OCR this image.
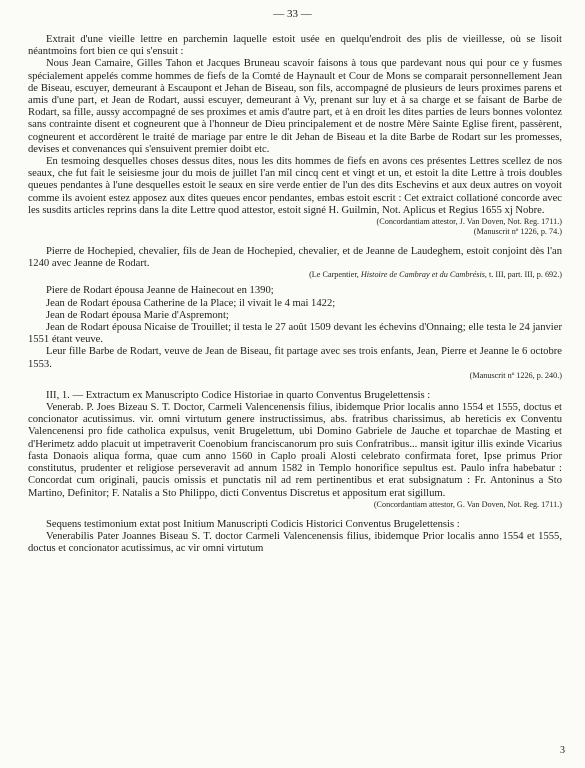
— 33 —

Extrait d'une vieille lettre en parchemin laquelle estoit usée en quelqu'endroit des plis de vieillesse, où se lisoit néantmoins fort bien ce qui s'ensuit :

Nous Jean Camaire, Gilles Tahon et Jacques Bruneau scavoir faisons à tous que pardevant nous qui pour ce y fusmes spécialement appelés comme hommes de fiefs de la Comté de Haynault et Cour de Mons se comparait personnellement Jean de Biseau, escuyer, demeurant à Escaupont et Jehan de Biseau, son fils, accompagné de plusieurs de leurs proximes parens et amis d'une part, et Jean de Rodart, aussi escuyer, demeurant à Vy, prenant sur luy et à sa charge et se faisant de Barbe de Rodart, sa fille, aussy accompagné de ses proximes et amis d'autre part, et à en droit les dites parties de leurs bonnes volontez sans contrainte disent et cogneurent que à l'honneur de Dieu principalement et de nostre Mère Sainte Eglise firent, passèrent, cogneurent et accordèrent le traité de mariage par entre le dit Jehan de Biseau et la dite Barbe de Rodart sur les promesses, devises et convenances qui s'ensuivent premier doibt etc.

En tesmoing desquelles choses dessus dites, nous les dits hommes de fiefs en avons ces présentes Lettres scellez de nos seaux, che fut fait le seisiesme jour du mois de juillet l'an mil cincq cent et vingt et un, et estoit la dite Lettre à trois doubles queues pendantes à l'une desquelles estoit le seaux en sire verde entier de l'un des dits Eschevins et aux deux autres on voyoit comme ils avoient estez apposez aux dites queues encor pendantes, embas estoit escrit : Cet extraict collationé concorde avec les susdits articles reprins dans la dite Lettre quod attestor, estoit signé H. Guilmin, Not. Aplicus et Regius 1655 xj Nobre.

(Concordantiam attestor, J. Van Doven, Not. Reg. 1711.)

(Manuscrit nº 1226, p. 74.)

Pierre de Hochepied, chevalier, fils de Jean de Hochepied, chevalier, et de Jeanne de Laudeghem, estoit conjoint dès l'an 1240 avec Jeanne de Rodart.

(Le Carpentier, Histoire de Cambray et du Cambrésis, t. III, part. III, p. 692.)

Piere de Rodart épousa Jeanne de Hainecout en 1390;

Jean de Rodart épousa Catherine de la Place; il vivait le 4 mai 1422;

Jean de Rodart épousa Marie d'Aspremont;

Jean de Rodart épousa Nicaise de Trouillet; il testa le 27 août 1509 devant les échevins d'Onnaing; elle testa le 24 janvier 1551 étant veuve.

Leur fille Barbe de Rodart, veuve de Jean de Biseau, fit partage avec ses trois enfants, Jean, Pierre et Jeanne le 6 octobre 1553.

(Manuscrit nº 1226, p. 240.)

III, 1. — Extractum ex Manuscripto Codice Historiae in quarto Conventus Brugelettensis :

Venerab. P. Joes Bizeau S. T. Doctor, Carmeli Valencenensis filius, ibidemque Prior localis anno 1554 et 1555, doctus et concionator acutissimus. vir. omni virtutum genere instructissimus, abs. fratribus charissimus, ab hereticis ex Conventu Valencenensi pro fide catholica expulsus, venit Brugelettum, ubi Domino Gabriele de Jauche et toparchae de Masting et d'Herimetz addo placuit ut impetraverit Coenobium franciscanorum pro suis Confratribus... mansit igitur illis exinde Vicarius fasta Donaois aliqua forma, quae cum anno 1560 in Caplo proali Alosti celebrato confirmata foret, Ipse primus Prior constitutus, prudenter et religiose perseveravit ad annum 1582 in Templo honorifice sepultus est. Paulo infra habebatur : Concordat cum originali, paucis omissis et punctatis nil ad rem pertinentibus et erat subsignatum : Fr. Antoninus a Sto Martino, Definitor; F. Natalis a Sto Philippo, dicti Conventus Discretus et appositum erat sigillum.

(Concordantiam attestor, G. Van Doven, Not. Reg. 1711.)

Sequens testimonium extat post Initium Manuscripti Codicis Historici Conventus Brugelettensis :

Venerabilis Pater Joannes Biseau S. T. doctor Carmeli Valencenensis filius, ibidemque Prior localis anno 1554 et 1555, doctus et concionator acutissimus, ac vir omni virtutum

3
